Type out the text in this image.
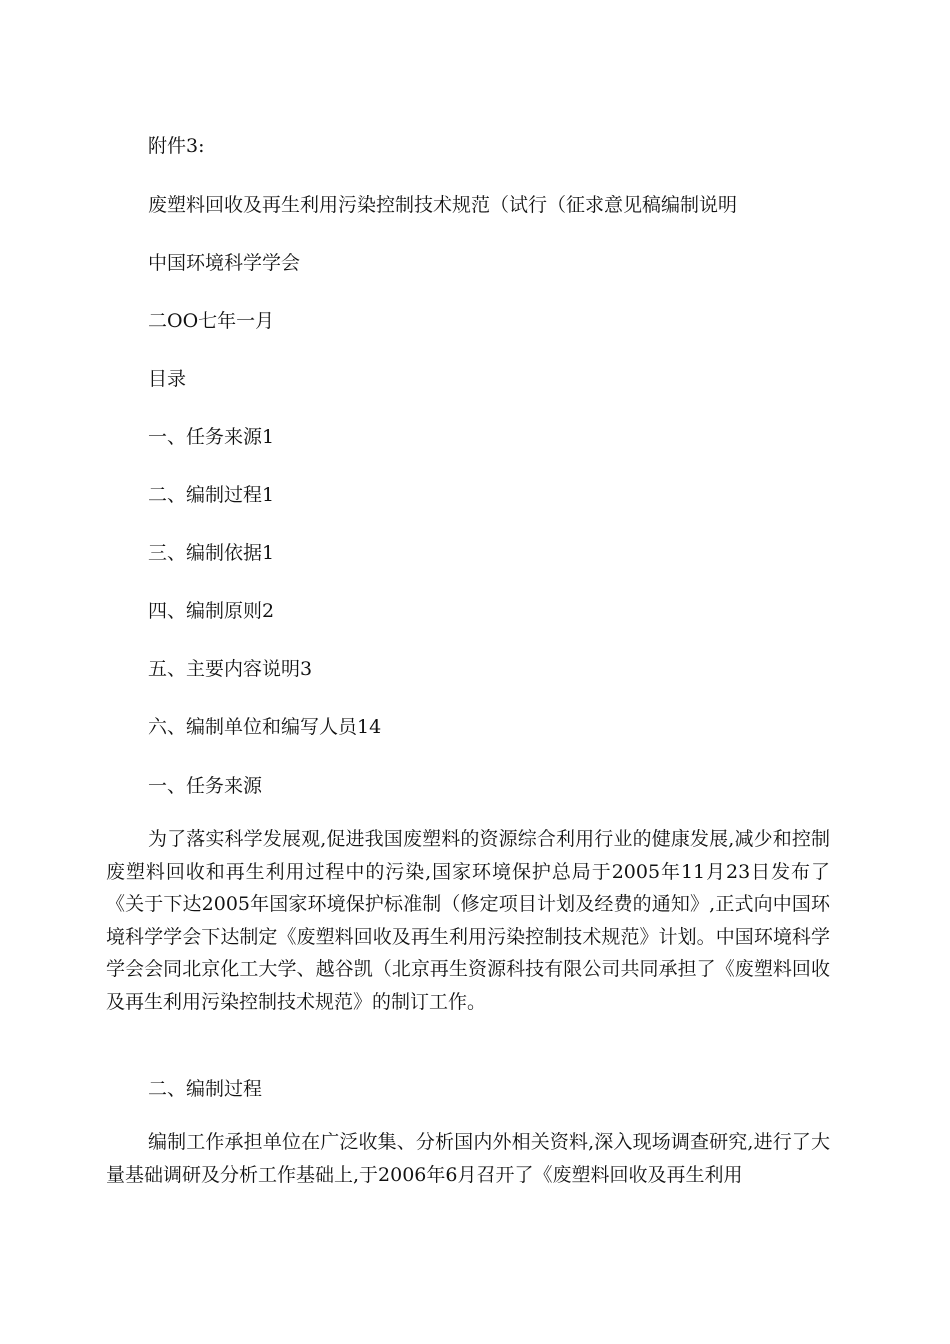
附件3:
废塑料回收及再生利用污染控制技术规范（试行（征求意见稿编制说明
中国环境科学学会
二OO七年一月
目录
一、任务来源1
二、编制过程1
三、编制依据1
四、编制原则2
五、主要内容说明3
六、编制单位和编写人员14
一、任务来源
为了落实科学发展观,促进我国废塑料的资源综合利用行业的健康发展,减少和控制废塑料回收和再生利用过程中的污染,国家环境保护总局于2005年11月23日发布了《关于下达2005年国家环境保护标准制（修定项目计划及经费的通知》,正式向中国环境科学学会下达制定《废塑料回收及再生利用污染控制技术规范》计划。中国环境科学学会会同北京化工大学、越谷凯（北京再生资源科技有限公司共同承担了《废塑料回收及再生利用污染控制技术规范》的制订工作。
二、编制过程
编制工作承担单位在广泛收集、分析国内外相关资料,深入现场调查研究,进行了大量基础调研及分析工作基础上,于2006年6月召开了《废塑料回收及再生利用
